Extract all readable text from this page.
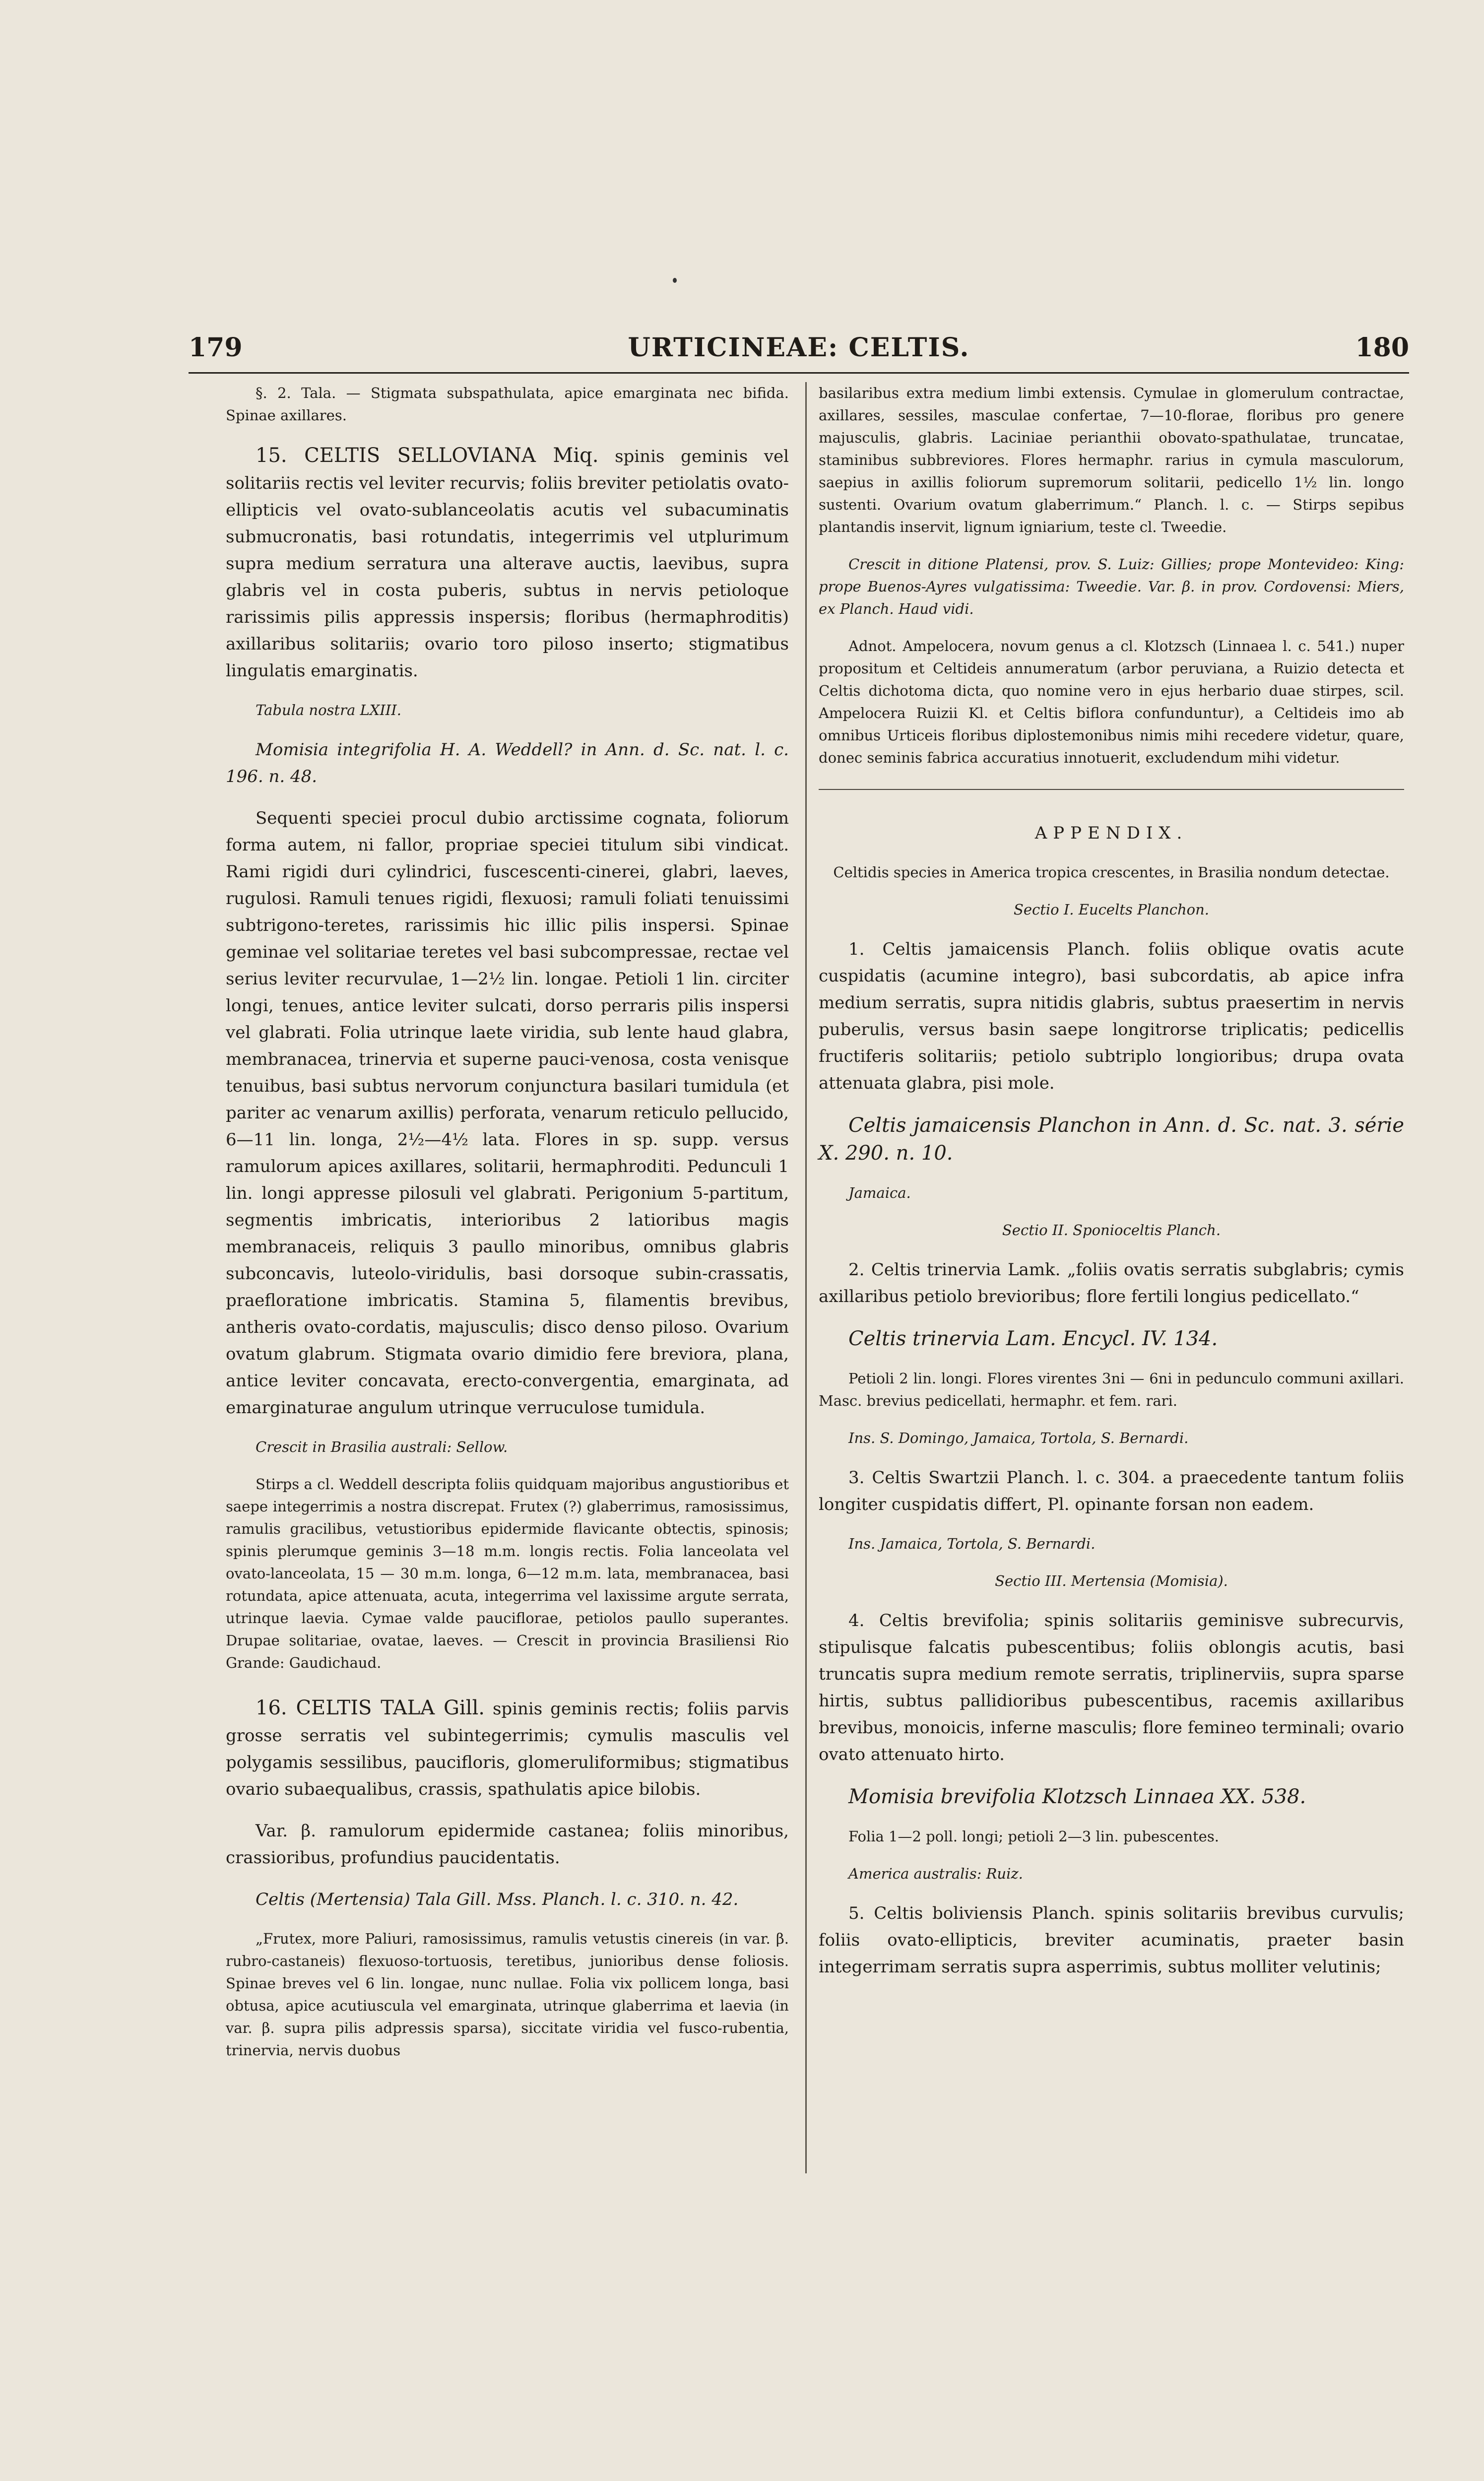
179	URTICINEAE: CELTIS.	180

§. 2. Tala. — Stigmata subspathulata, apice emarginata nec bifida. Spinae axillares.

15. CELTIS SELLOVIANA Miq. spinis geminis vel solitariis rectis vel leviter recurvis; foliis breviter petiolatis ovato-ellipticis vel ovato-sublanceolatis acutis vel subacuminatis submucronatis, basi rotundatis, integerrimis vel utplurimum supra medium serratura una alterave auctis, laevibus, supra glabris vel in costa puberis, subtus in nervis petioloque rarissimis pilis appressis inspersis; floribus (hermaphroditis) axillaribus solitariis; ovario toro piloso inserto; stigmatibus lingulatis emarginatis.

Tabula nostra LXIII.

Momisia integrifolia H. A. Weddell? in Ann. d. Sc. nat. l. c. 196. n. 48.

Sequenti speciei procul dubio arctissime cognata, foliorum forma autem, ni fallor, propriae speciei titulum sibi vindicat. Rami rigidi duri cylindrici, fuscescenti-cinerei, glabri, laeves, rugulosi. Ramuli tenues rigidi, flexuosi; ramuli foliati tenuissimi subtrigono-teretes, rarissimis hic illic pilis inspersi. Spinae geminae vel solitariae teretes vel basi subcompressae, rectae vel serius leviter recurvulae, 1—2½ lin. longae. Petioli 1 lin. circiter longi, tenues, antice leviter sulcati, dorso perraris pilis inspersi vel glabrati. Folia utrinque laete viridia, sub lente haud glabra, membranacea, trinervia et superne pauci-venosa, costa venisque tenuibus, basi subtus nervorum conjunctura basilari tumidula (et pariter ac venarum axillis) perforata, venarum reticulo pellucido, 6—11 lin. longa, 2½—4½ lata. Flores in sp. supp. versus ramulorum apices axillares, solitarii, hermaphroditi. Pedunculi 1 lin. longi appresse pilosuli vel glabrati. Perigonium 5-partitum, segmentis imbricatis, interioribus 2 latioribus magis membranaceis, reliquis 3 paullo minoribus, omnibus glabris subconcavis, luteolo-viridulis, basi dorsoque subin-crassatis, praefloratione imbricatis. Stamina 5, filamentis brevibus, antheris ovato-cordatis, majusculis; disco denso piloso. Ovarium ovatum glabrum. Stigmata ovario dimidio fere breviora, plana, antice leviter concavata, erecto-convergentia, emarginata, ad emarginaturae angulum utrinque verruculose tumidula.

Crescit in Brasilia australi: Sellow.

Stirps a cl. Weddell descripta foliis quidquam majoribus angustioribus et saepe integerrimis a nostra discrepat. Frutex (?) glaberrimus, ramosissimus, ramulis gracilibus, vetustioribus epidermide flavicante obtectis, spinosis; spinis plerumque geminis 3—18 m.m. longis rectis. Folia lanceolata vel ovato-lanceolata, 15 — 30 m.m. longa, 6—12 m.m. lata, membranacea, basi rotundata, apice attenuata, acuta, integerrima vel laxissime argute serrata, utrinque laevia. Cymae valde pauciflorae, petiolos paullo superantes. Drupae solitariae, ovatae, laeves. — Crescit in provincia Brasiliensi Rio Grande: Gaudichaud.

16. CELTIS TALA Gill. spinis geminis rectis; foliis parvis grosse serratis vel subintegerrimis; cymulis masculis vel polygamis sessilibus, paucifloris, glomeruliformibus; stigmatibus ovario subaequalibus, crassis, spathulatis apice bilobis.

Var. β. ramulorum epidermide castanea; foliis minoribus, crassioribus, profundius paucidentatis.

Celtis (Mertensia) Tala Gill. Mss. Planch. l. c. 310. n. 42.

„Frutex, more Paliuri, ramosissimus, ramulis vetustis cinereis (in var. β. rubro-castaneis) flexuoso-tortuosis, teretibus, junioribus dense foliosis. Spinae breves vel 6 lin. longae, nunc nullae. Folia vix pollicem longa, basi obtusa, apice acutiuscula vel emarginata, utrinque glaberrima et laevia (in var. β. supra pilis adpressis sparsa), siccitate viridia vel fusco-rubentia, trinervia, nervis duobus

basilaribus extra medium limbi extensis. Cymulae in glomerulum contractae, axillares, sessiles, masculae confertae, 7—10-florae, floribus pro genere majusculis, glabris. Laciniae perianthii obovato-spathulatae, truncatae, staminibus subbreviores. Flores hermaphr. rarius in cymula masculorum, saepius in axillis foliorum supremorum solitarii, pedicello 1½ lin. longo sustenti. Ovarium ovatum glaberrimum.“ Planch. l. c. — Stirps sepibus plantandis inservit, lignum igniarium, teste cl. Tweedie.

Crescit in ditione Platensi, prov. S. Luiz: Gillies; prope Montevideo: King: prope Buenos-Ayres vulgatissima: Tweedie. Var. β. in prov. Cordovensi: Miers, ex Planch. Haud vidi.

Adnot. Ampelocera, novum genus a cl. Klotzsch (Linnaea l. c. 541.) nuper propositum et Celtideis annumeratum (arbor peruviana, a Ruizio detecta et Celtis dichotoma dicta, quo nomine vero in ejus herbario duae stirpes, scil. Ampelocera Ruizii Kl. et Celtis biflora confunduntur), a Celtideis imo ab omnibus Urticeis floribus diplostemonibus nimis mihi recedere videtur, quare, donec seminis fabrica accuratius innotuerit, excludendum mihi videtur.

APPENDIX.

Celtidis species in America tropica crescentes, in Brasilia nondum detectae.

Sectio I. Eucelts Planchon.

1. Celtis jamaicensis Planch. foliis oblique ovatis acute cuspidatis (acumine integro), basi subcordatis, ab apice infra medium serratis, supra nitidis glabris, subtus praesertim in nervis puberulis, versus basin saepe longitrorse triplicatis; pedicellis fructiferis solitariis; petiolo subtriplo longioribus; drupa ovata attenuata glabra, pisi mole.

Celtis jamaicensis Planchon in Ann. d. Sc. nat. 3. série X. 290. n. 10.

Jamaica.

Sectio II. Sponioceltis Planch.

2. Celtis trinervia Lamk. „foliis ovatis serratis subglabris; cymis axillaribus petiolo brevioribus; flore fertili longius pedicellato.“

Celtis trinervia Lam. Encycl. IV. 134.

Petioli 2 lin. longi. Flores virentes 3ni — 6ni in pedunculo communi axillari. Masc. brevius pedicellati, hermaphr. et fem. rari.

Ins. S. Domingo, Jamaica, Tortola, S. Bernardi.

3. Celtis Swartzii Planch. l. c. 304. a praecedente tantum foliis longiter cuspidatis differt, Pl. opinante forsan non eadem.

Ins. Jamaica, Tortola, S. Bernardi.

Sectio III. Mertensia (Momisia).

4. Celtis brevifolia; spinis solitariis geminisve subrecurvis, stipulisque falcatis pubescentibus; foliis oblongis acutis, basi truncatis supra medium remote serratis, triplinerviis, supra sparse hirtis, subtus pallidioribus pubescentibus, racemis axillaribus brevibus, monoicis, inferne masculis; flore femineo terminali; ovario ovato attenuato hirto.

Momisia brevifolia Klotzsch Linnaea XX. 538.

Folia 1—2 poll. longi; petioli 2—3 lin. pubescentes.

America australis: Ruiz.

5. Celtis boliviensis Planch. spinis solitariis brevibus curvulis; foliis ovato-ellipticis, breviter acuminatis, praeter basin integerrimam serratis supra asperrimis, subtus molliter velutinis;
